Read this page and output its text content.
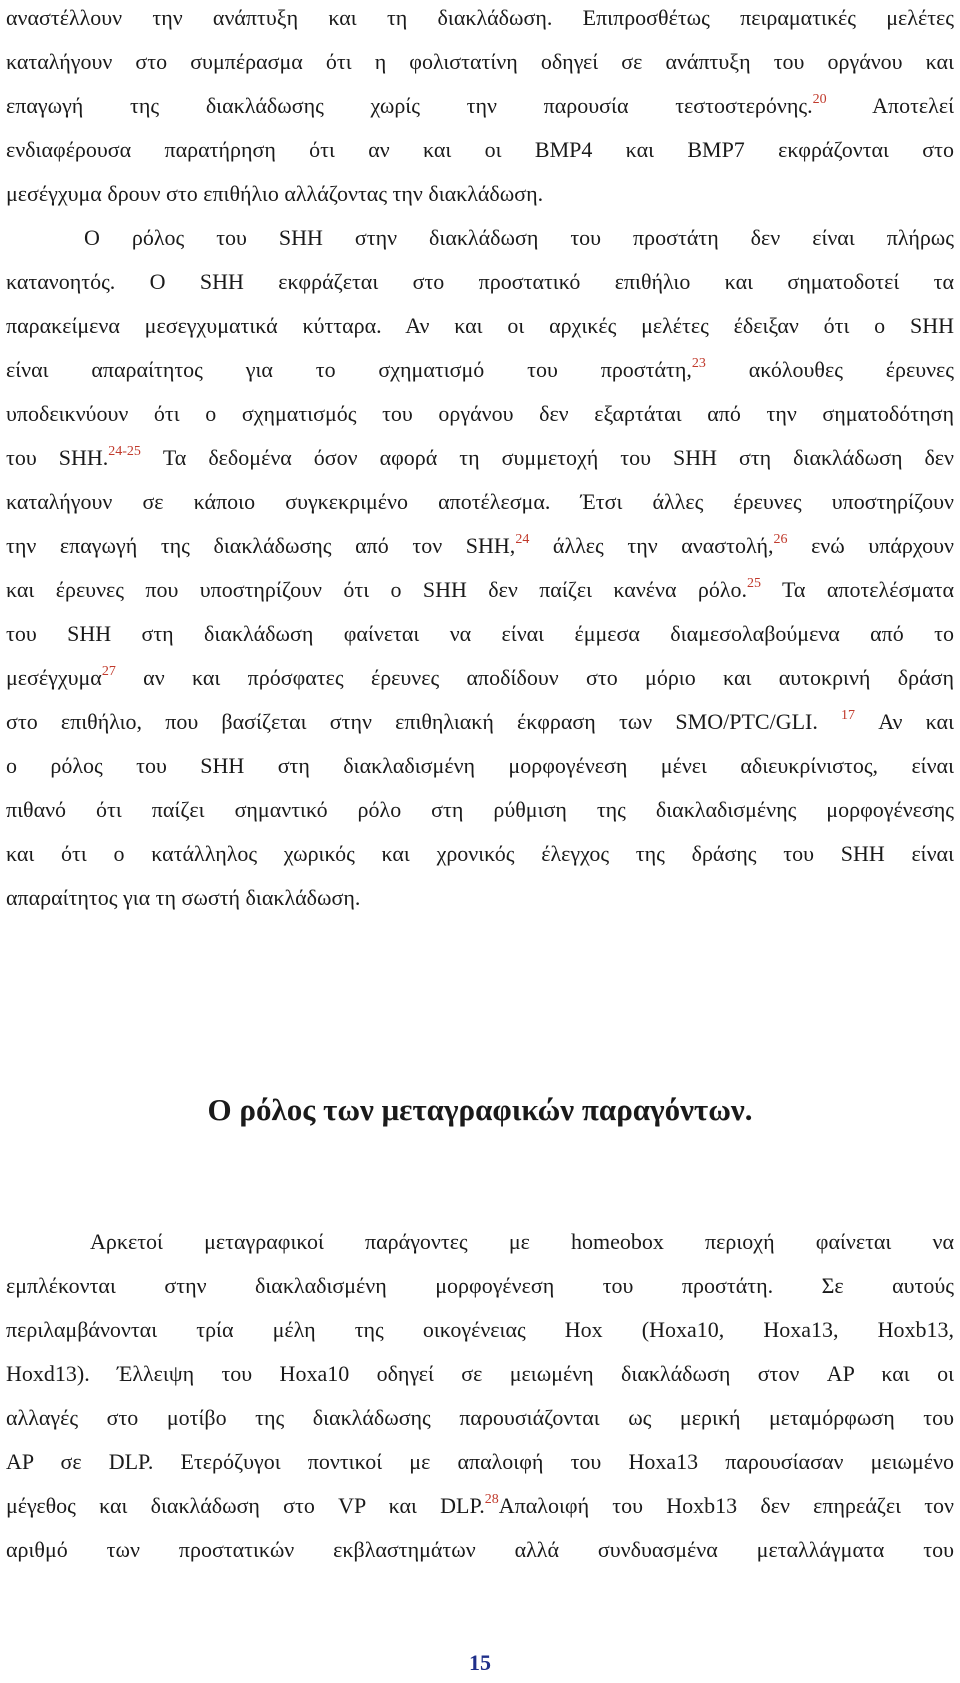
αναστέλλουν την ανάπτυξη και τη διακλάδωση. Επιπροσθέτως πειραματικές μελέτες
καταλήγουν στο συμπέρασμα ότι η φολιστατίνη οδηγεί σε ανάπτυξη του οργάνου και
επαγωγή της διακλάδωσης χωρίς την παρουσία τεστοστερόνης.$^{20}$ Αποτελεί
ενδιαφέρουσα παρατήρηση ότι αν και οι BMP4 και BMP7 εκφράζονται στο
μεσέγχυμα δρουν στο επιθήλιο αλλάζοντας την διακλάδωση.
Ο ρόλος του SHH στην διακλάδωση του προστάτη δεν είναι πλήρως
κατανοητός. Ο SHH εκφράζεται στο προστατικό επιθήλιο και σηματοδοτεί τα
παρακείμενα μεσεγχυματικά κύτταρα. Αν και οι αρχικές μελέτες έδειξαν ότι ο SHH
είναι απαραίτητος για το σχηματισμό του προστάτη,$^{23}$ ακόλουθες έρευνες
υποδεικνύουν ότι ο σχηματισμός του οργάνου δεν εξαρτάται από την σηματοδότηση
του SHH.$^{24-25}$ Τα δεδομένα όσον αφορά τη συμμετοχή του SHH στη διακλάδωση δεν
καταλήγουν σε κάποιο συγκεκριμένο αποτέλεσμα. Έτσι άλλες έρευνες υποστηρίζουν
την επαγωγή της διακλάδωσης από τον SHH,$^{24}$ άλλες την αναστολή,$^{26}$ ενώ υπάρχουν
και έρευνες που υποστηρίζουν ότι ο SHH δεν παίζει κανένα ρόλο.$^{25}$ Τα αποτελέσματα
του SHH στη διακλάδωση φαίνεται να είναι έμμεσα διαμεσολαβούμενα από το
μεσέγχυμα$^{27}$ αν και πρόσφατες έρευνες αποδίδουν στο μόριο και αυτοκρινή δράση
στο επιθήλιο, που βασίζεται στην επιθηλιακή έκφραση των SMO/PTC/GLI. $^{17}$ Αν και
ο ρόλος του SHH στη διακλαδισμένη μορφογένεση μένει αδιευκρίνιστος, είναι
πιθανό ότι παίζει σημαντικό ρόλο στη ρύθμιση της διακλαδισμένης μορφογένεσης
και ότι ο κατάλληλος χωρικός και χρονικός έλεγχος της δράσης του SHH είναι
απαραίτητος για τη σωστή διακλάδωση.
Ο ρόλος των μεταγραφικών παραγόντων.
Αρκετοί μεταγραφικοί παράγοντες με homeobox περιοχή φαίνεται να
εμπλέκονται στην διακλαδισμένη μορφογένεση του προστάτη. Σε αυτούς
περιλαμβάνονται τρία μέλη της οικογένειας Hox (Hoxa10, Hoxa13, Hoxb13,
Hoxd13). Έλλειψη του Hoxa10 οδηγεί σε μειωμένη διακλάδωση στον AP και οι
αλλαγές στο μοτίβο της διακλάδωσης παρουσιάζονται ως μερική μεταμόρφωση του
AP σε DLP. Ετερόζυγοι ποντικοί με απαλοιφή του Hoxa13 παρουσίασαν μειωμένο
μέγεθος και διακλάδωση στο VP και DLP.$^{28}$Απαλοιφή του Hoxb13 δεν επηρεάζει τον
αριθμό των προστατικών εκβλαστημάτων αλλά συνδυασμένα μεταλλάγματα του
15
